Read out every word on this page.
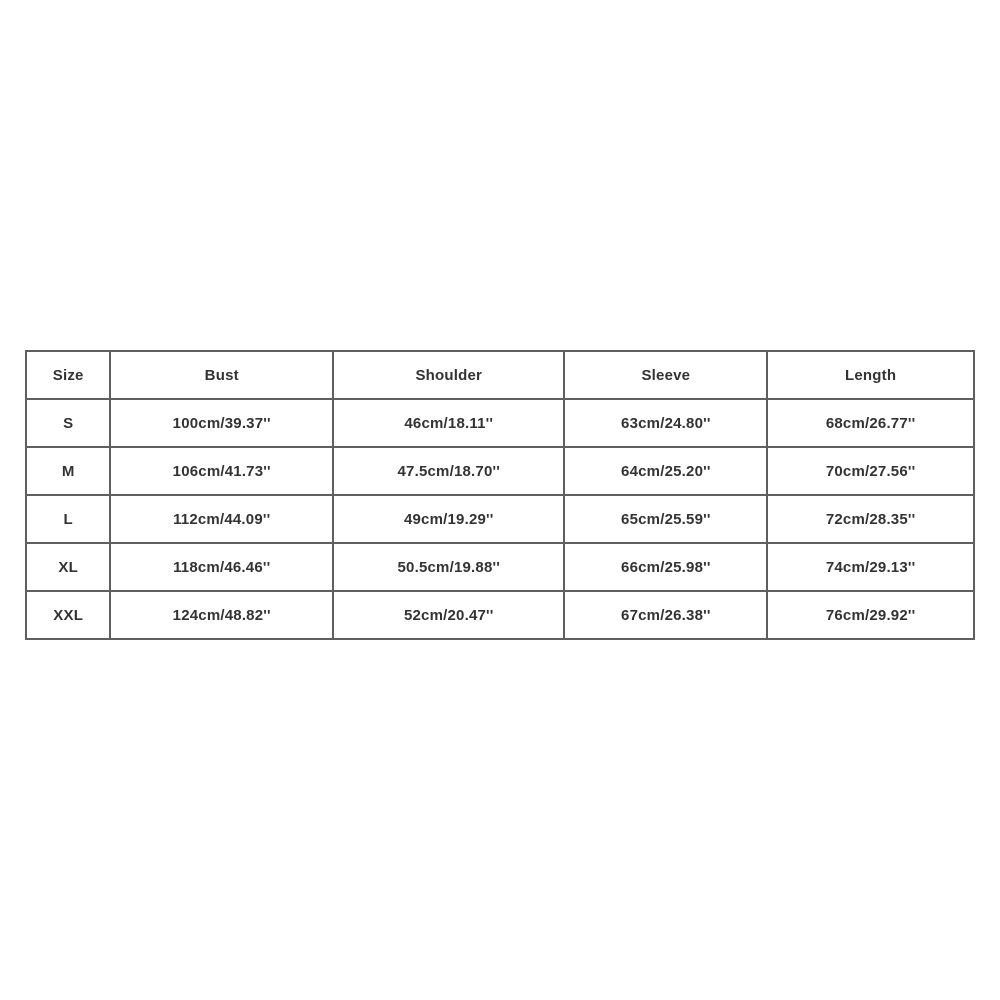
Size	Bust	Shoulder	Sleeve	Length
S	100cm/39.37''	46cm/18.11''	63cm/24.80''	68cm/26.77''
M	106cm/41.73''	47.5cm/18.70''	64cm/25.20''	70cm/27.56''
L	112cm/44.09''	49cm/19.29''	65cm/25.59''	72cm/28.35''
XL	118cm/46.46''	50.5cm/19.88''	66cm/25.98''	74cm/29.13''
XXL	124cm/48.82''	52cm/20.47''	67cm/26.38''	76cm/29.92''
